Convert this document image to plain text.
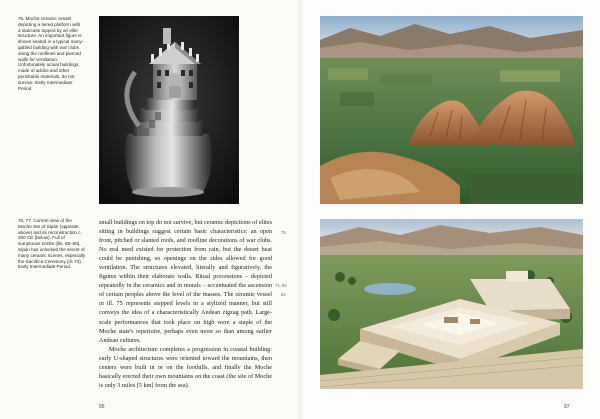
75. Moche ceramic vessel depicting a tiered platform with a staircase topped by an elite structure. An important figure is shown seated in a typical many-gabled building with war clubs along the rooflines and pierced walls for ventilation. Unfortunately actual buildings, made of adobe and other perishable materials, do not survive. Early Intermediate Period.

76, 77. Current view of the Moche site of Sipán (opposite, above) and its reconstruction c. 300 CE (below). Full of sumptuous tombs (ills. 83–88), Sipán has unlocked the secret of many ceramic scenes, especially the Sacrifice Ceremony (ill. 73). Early Intermediate Period.

small buildings on top do not survive, but ceramic depictions of elites sitting in buildings suggest certain basic characteristics: an open front, pitched or slanted roofs, and roofline decorations of war clubs. No real need existed for protection from rain, but the desert heat could be punishing, so openings on the sides allowed for good ventilation. The structures elevated, literally and figuratively, the figures within their elaborate walls. Ritual processions – depicted repeatedly in the ceramics and in murals – accentuated the ascension of certain peoples above the level of the masses. The ceramic vessel in ill. 75 represents stepped levels in a stylized manner, but still conveys the idea of a characteristically Andean zigzag path. Large-scale performances that took place on high were a staple of the Moche state's repertoire, perhaps even more so than among earlier Andean cultures.

Moche architecture completes a progression in coastal building: early U-shaped structures were oriented toward the mountains, then centers were built in or on the foothills, and finally the Moche basically erected their own mountains on the coast (the site of Moche is only 3 miles [5 km] from the sea).

75
71, 82
83
96	97
